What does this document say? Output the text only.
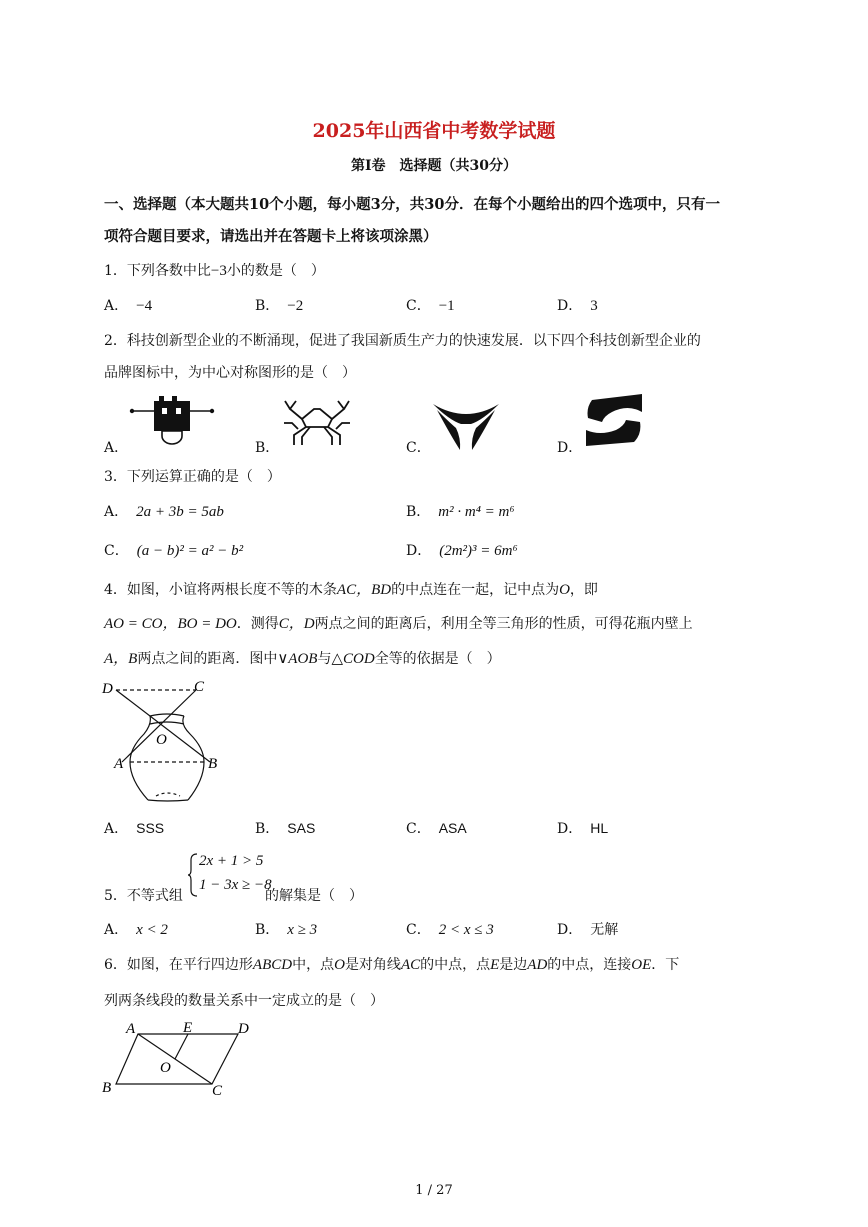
2025年山西省中考数学试题
第I卷　选择题（共30分）
一、选择题（本大题共10个小题，每小题3分，共30分．在每个小题给出的四个选项中，只有一
项符合题目要求，请选出并在答题卡上将该项涂黑）
1．下列各数中比−3小的数是（　）
A． −4	B． −2	C． −1	D． 3
2．科技创新型企业的不断涌现，促进了我国新质生产力的快速发展．以下四个科技创新型企业的
品牌图标中，为中心对称图形的是（　）
A．	B．	C．	D．
3．下列运算正确的是（　）
A． 2a + 3b = 5ab	B． m² · m⁴ = m⁶
C． (a − b)² = a² − b²	D． (2m²)³ = 6m⁶
4．如图，小谊将两根长度不等的木条AC，BD的中点连在一起，记中点为O，即
AO = CO，BO = DO．测得C，D两点之间的距离后，利用全等三角形的性质，可得花瓶内壁上
A，B两点之间的距离．图中∨AOB与△COD全等的依据是（　）
D	C
O
A	B
A． SSS	B． SAS	C． ASA	D． HL
5．不等式组
2x + 1 > 5
1 − 3x ≥ −8
的解集是（　）
A． x < 2	B． x ≥ 3	C． 2 < x ≤ 3	D． 无解
6．如图，在平行四边形ABCD中，点O是对角线AC的中点，点E是边AD的中点，连接OE．下
列两条线段的数量关系中一定成立的是（　）
A	E	D
O
B	C
1 / 27
